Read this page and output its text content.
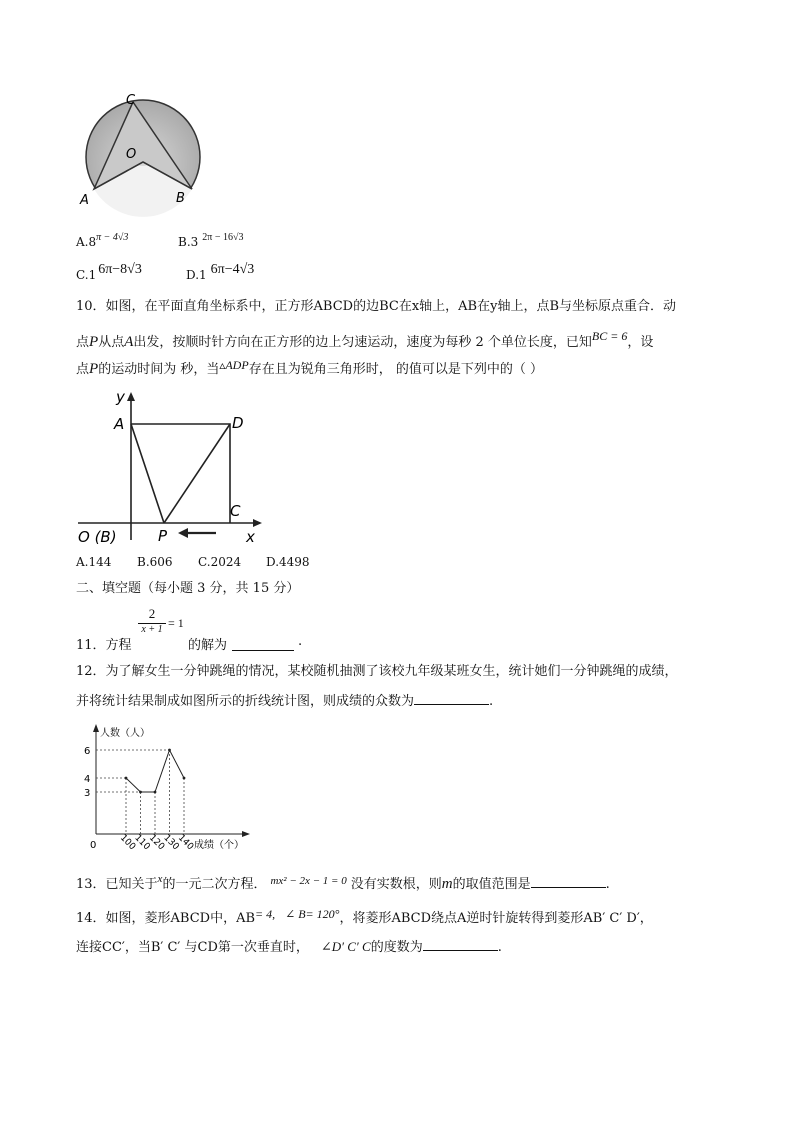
C
O
A	B
$A.8^{\pi - 4√3}$	B.3 $^{2\pi - 16√3}$
C.1 6π−8√3	D.1 6π−4√3
10．如图，在平面直角坐标系中，正方形ABCD的边BC在x轴上，AB在y轴上，点B与坐标原点重合．动
点P从点A出发，按顺时针方向在正方形的边上匀速运动，速度为每秒 2 个单位长度，已知BC = 6，设
点P的运动时间为 秒，当▵ADP存在且为锐角三角形时， 的值可以是下列中的（ ）
y
A	D
C
O (B)	P	x
A.144 B.606 C.2024 D.4498
二、填空题（每小题 3 分，共 15 分）
11．方程
2
x + 1 = 1
的解为	.
12．为了解女生一分钟跳绳的情况，某校随机抽测了该校九年级某班女生，统计她们一分钟跳绳的成绩，
并将统计结果制成如图所示的折线统计图，则成绩的众数为	.
人数（人）
成绩（个）
0
3
4
6
100
110
120
130
140
13．已知关于$^x$的一元二次方程． $^{mx^2 - 2x - 1 = 0}$ 没有实数根，则m的取值范围是	.
14．如图，菱形ABCD中，AB= 4, ∠ B= 120°，将菱形ABCD绕点A逆时针旋转得到菱形AB′ C′ D′，
连接CC′，当B′ C′ 与CD第一次垂直时， ∠D′ C′ C的度数为	.
